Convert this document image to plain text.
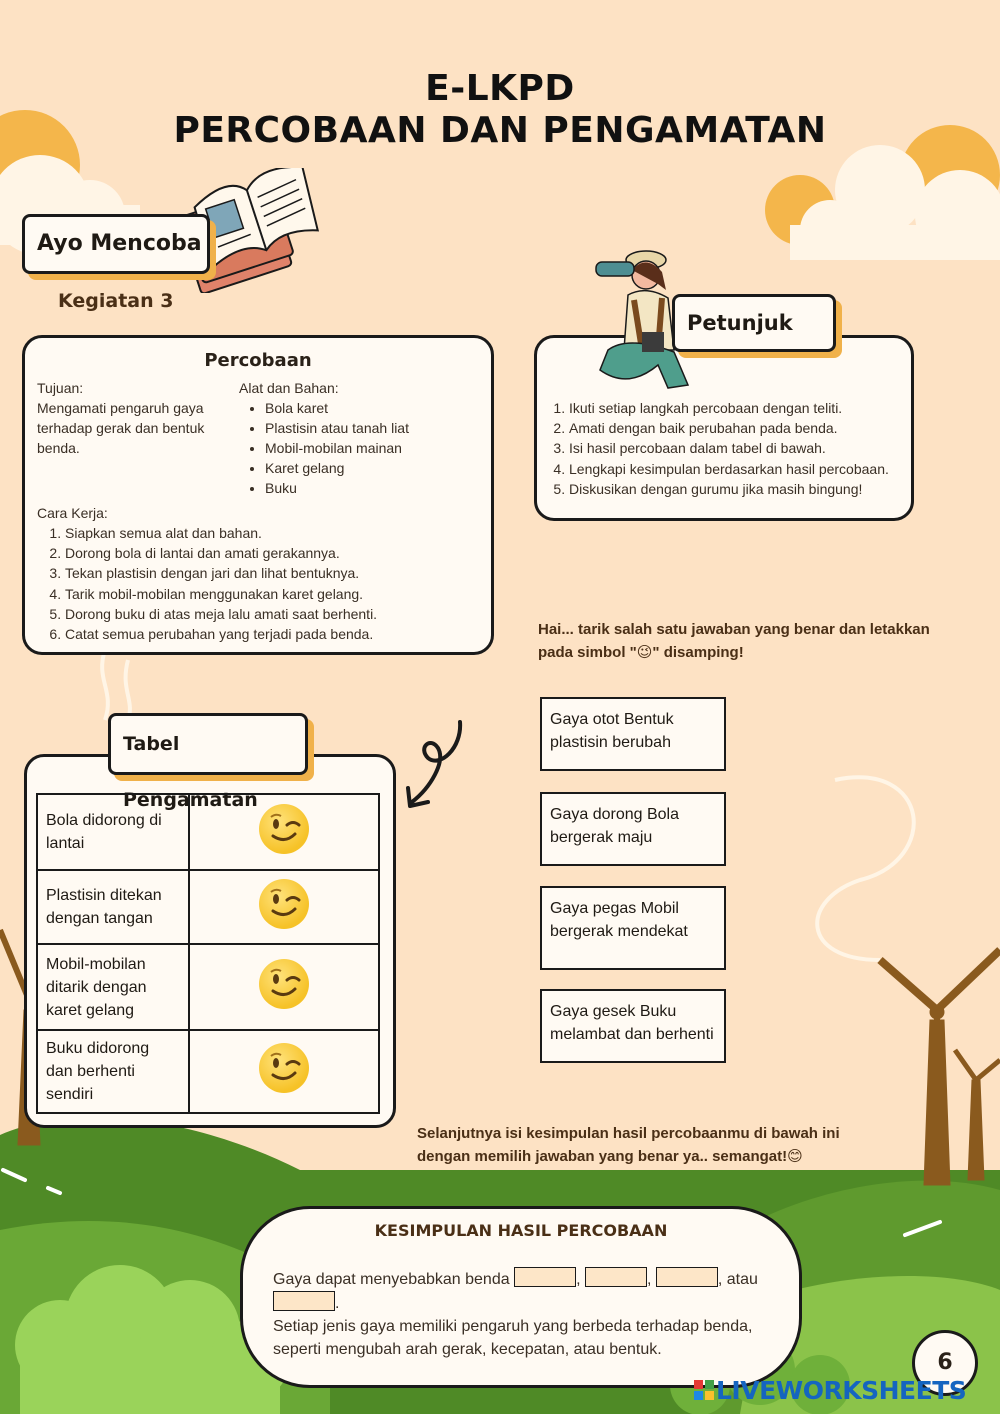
E-LKPD
PERCOBAAN DAN PENGAMATAN
Ayo Mencoba
Kegiatan 3
Percobaan
Tujuan:
Mengamati pengaruh gaya terhadap gerak dan bentuk benda.
Alat dan Bahan:
• Bola karet
• Plastisin atau tanah liat
• Mobil-mobilan mainan
• Karet gelang
• Buku
Cara Kerja:
1. Siapkan semua alat dan bahan.
2. Dorong bola di lantai dan amati gerakannya.
3. Tekan plastisin dengan jari dan lihat bentuknya.
4. Tarik mobil-mobilan menggunakan karet gelang.
5. Dorong buku di atas meja lalu amati saat berhenti.
6. Catat semua perubahan yang terjadi pada benda.
1. Ikuti setiap langkah percobaan dengan teliti.
2. Amati dengan baik perubahan pada benda.
3. Isi hasil percobaan dalam tabel di bawah.
4. Lengkapi kesimpulan berdasarkan hasil percobaan.
5. Diskusikan dengan gurumu jika masih bingung!
Petunjuk
Hai... tarik salah satu jawaban yang benar dan letakkan pada simbol "😉" disamping!
Tabel Pengamatan
Bola didorong di lantai	

Plastisin ditekan dengan tangan	

Mobil-mobilan ditarik dengan karet gelang	

Buku didorong dan berhenti sendiri	
Gaya otot Bentuk plastisin berubah
Gaya dorong Bola bergerak maju
Gaya pegas Mobil bergerak mendekat
Gaya gesek Buku melambat dan berhenti
Selanjutnya isi kesimpulan hasil percobaanmu di bawah ini dengan memilih jawaban yang benar ya.. semangat!😊
KESIMPULAN HASIL PERCOBAAN
Gaya dapat menyebabkan benda	,	,	, atau
.
Setiap jenis gaya memiliki pengaruh yang berbeda terhadap benda, seperti mengubah arah gerak, kecepatan, atau bentuk.
6
LIVEWORKSHEETS
